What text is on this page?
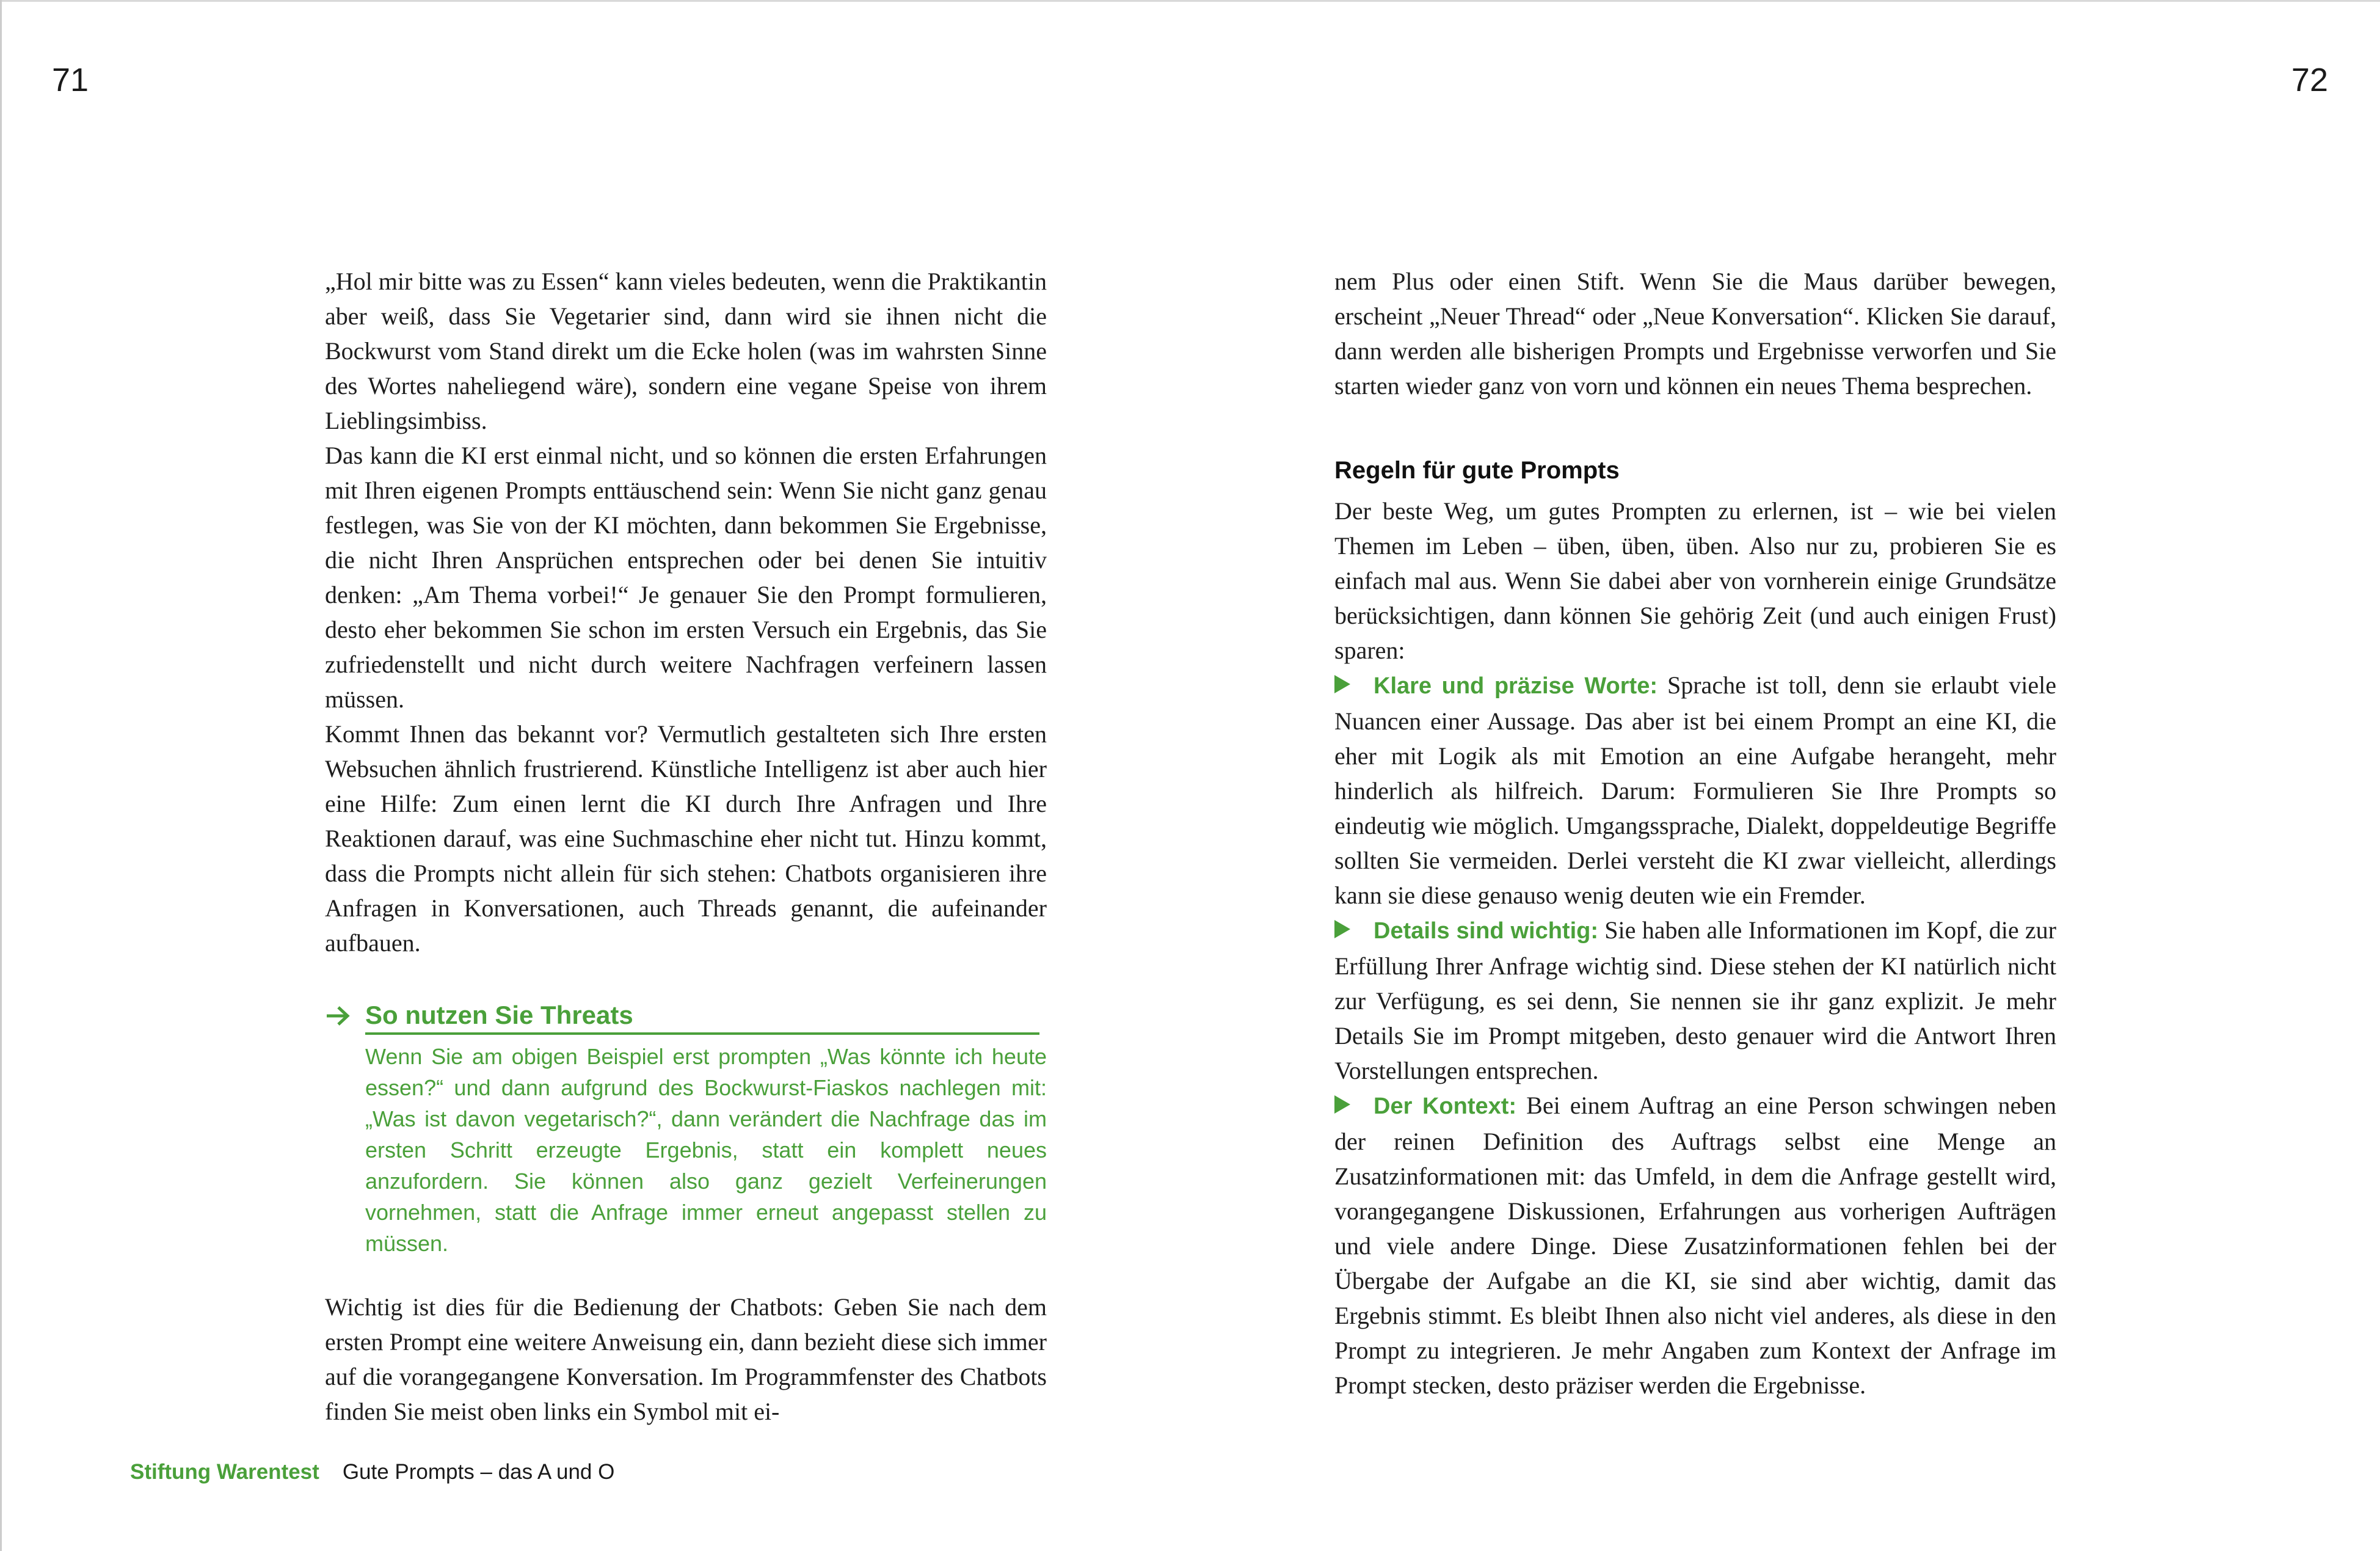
71	72

„Hol mir bitte was zu Essen“ kann vieles bedeuten, wenn die Praktikantin aber weiß, dass Sie Vegetarier sind, dann wird sie ihnen nicht die Bockwurst vom Stand direkt um die Ecke holen (was im wahrsten Sinne des Wortes naheliegend wäre), sondern eine vegane Speise von ihrem Lieblingsimbiss.

Das kann die KI erst einmal nicht, und so können die ersten Erfahrungen mit Ihren eigenen Prompts enttäuschend sein: Wenn Sie nicht ganz genau festlegen, was Sie von der KI möchten, dann bekommen Sie Ergebnisse, die nicht Ihren Ansprüchen entsprechen oder bei denen Sie intuitiv denken: „Am Thema vorbei!“ Je genauer Sie den Prompt formulieren, desto eher bekommen Sie schon im ersten Versuch ein Ergebnis, das Sie zufriedenstellt und nicht durch weitere Nachfragen verfeinern lassen müssen.

Kommt Ihnen das bekannt vor? Vermutlich gestalteten sich Ihre ersten Websuchen ähnlich frustrierend. Künstliche Intelligenz ist aber auch hier eine Hilfe: Zum einen lernt die KI durch Ihre Anfragen und Ihre Reaktionen darauf, was eine Suchmaschine eher nicht tut. Hinzu kommt, dass die Prompts nicht allein für sich stehen: Chatbots organisieren ihre Anfragen in Konversationen, auch Threads genannt, die aufeinander aufbauen.

So nutzen Sie Threats

Wenn Sie am obigen Beispiel erst prompten „Was könnte ich heute essen?“ und dann aufgrund des Bockwurst-Fiaskos nachlegen mit: „Was ist davon vegetarisch?“, dann verändert die Nachfrage das im ersten Schritt erzeugte Ergebnis, statt ein komplett neues anzufordern. Sie können also ganz gezielt Verfeinerungen vornehmen, statt die Anfrage immer erneut angepasst stellen zu müssen.

Wichtig ist dies für die Bedienung der Chatbots: Geben Sie nach dem ersten Prompt eine weitere Anweisung ein, dann bezieht diese sich immer auf die vorangegangene Konversation. Im Programmfenster des Chatbots finden Sie meist oben links ein Symbol mit ei-

nem Plus oder einen Stift. Wenn Sie die Maus darüber bewegen, erscheint „Neuer Thread“ oder „Neue Konversation“. Klicken Sie darauf, dann werden alle bisherigen Prompts und Ergebnisse verworfen und Sie starten wieder ganz von vorn und können ein neues Thema besprechen.

Regeln für gute Prompts

Der beste Weg, um gutes Prompten zu erlernen, ist – wie bei vielen Themen im Leben – üben, üben, üben. Also nur zu, probieren Sie es einfach mal aus. Wenn Sie dabei aber von vornherein einige Grundsätze berücksichtigen, dann können Sie gehörig Zeit (und auch einigen Frust) sparen:

Klare und präzise Worte: Sprache ist toll, denn sie erlaubt viele Nuancen einer Aussage. Das aber ist bei einem Prompt an eine KI, die eher mit Logik als mit Emotion an eine Aufgabe herangeht, mehr hinderlich als hilfreich. Darum: Formulieren Sie Ihre Prompts so eindeutig wie möglich. Umgangssprache, Dialekt, doppeldeutige Begriffe sollten Sie vermeiden. Derlei versteht die KI zwar vielleicht, allerdings kann sie diese genauso wenig deuten wie ein Fremder.

Details sind wichtig: Sie haben alle Informationen im Kopf, die zur Erfüllung Ihrer Anfrage wichtig sind. Diese stehen der KI natürlich nicht zur Verfügung, es sei denn, Sie nennen sie ihr ganz explizit. Je mehr Details Sie im Prompt mitgeben, desto genauer wird die Antwort Ihren Vorstellungen entsprechen.

Der Kontext: Bei einem Auftrag an eine Person schwingen neben der reinen Definition des Auftrags selbst eine Menge an Zusatzinformationen mit: das Umfeld, in dem die Anfrage gestellt wird, vorangegangene Diskussionen, Erfahrungen aus vorherigen Aufträgen und viele andere Dinge. Diese Zusatzinformationen fehlen bei der Übergabe der Aufgabe an die KI, sie sind aber wichtig, damit das Ergebnis stimmt. Es bleibt Ihnen also nicht viel anderes, als diese in den Prompt zu integrieren. Je mehr Angaben zum Kontext der Anfrage im Prompt stecken, desto präziser werden die Ergebnisse.

Stiftung Warentest Gute Prompts – das A und O
